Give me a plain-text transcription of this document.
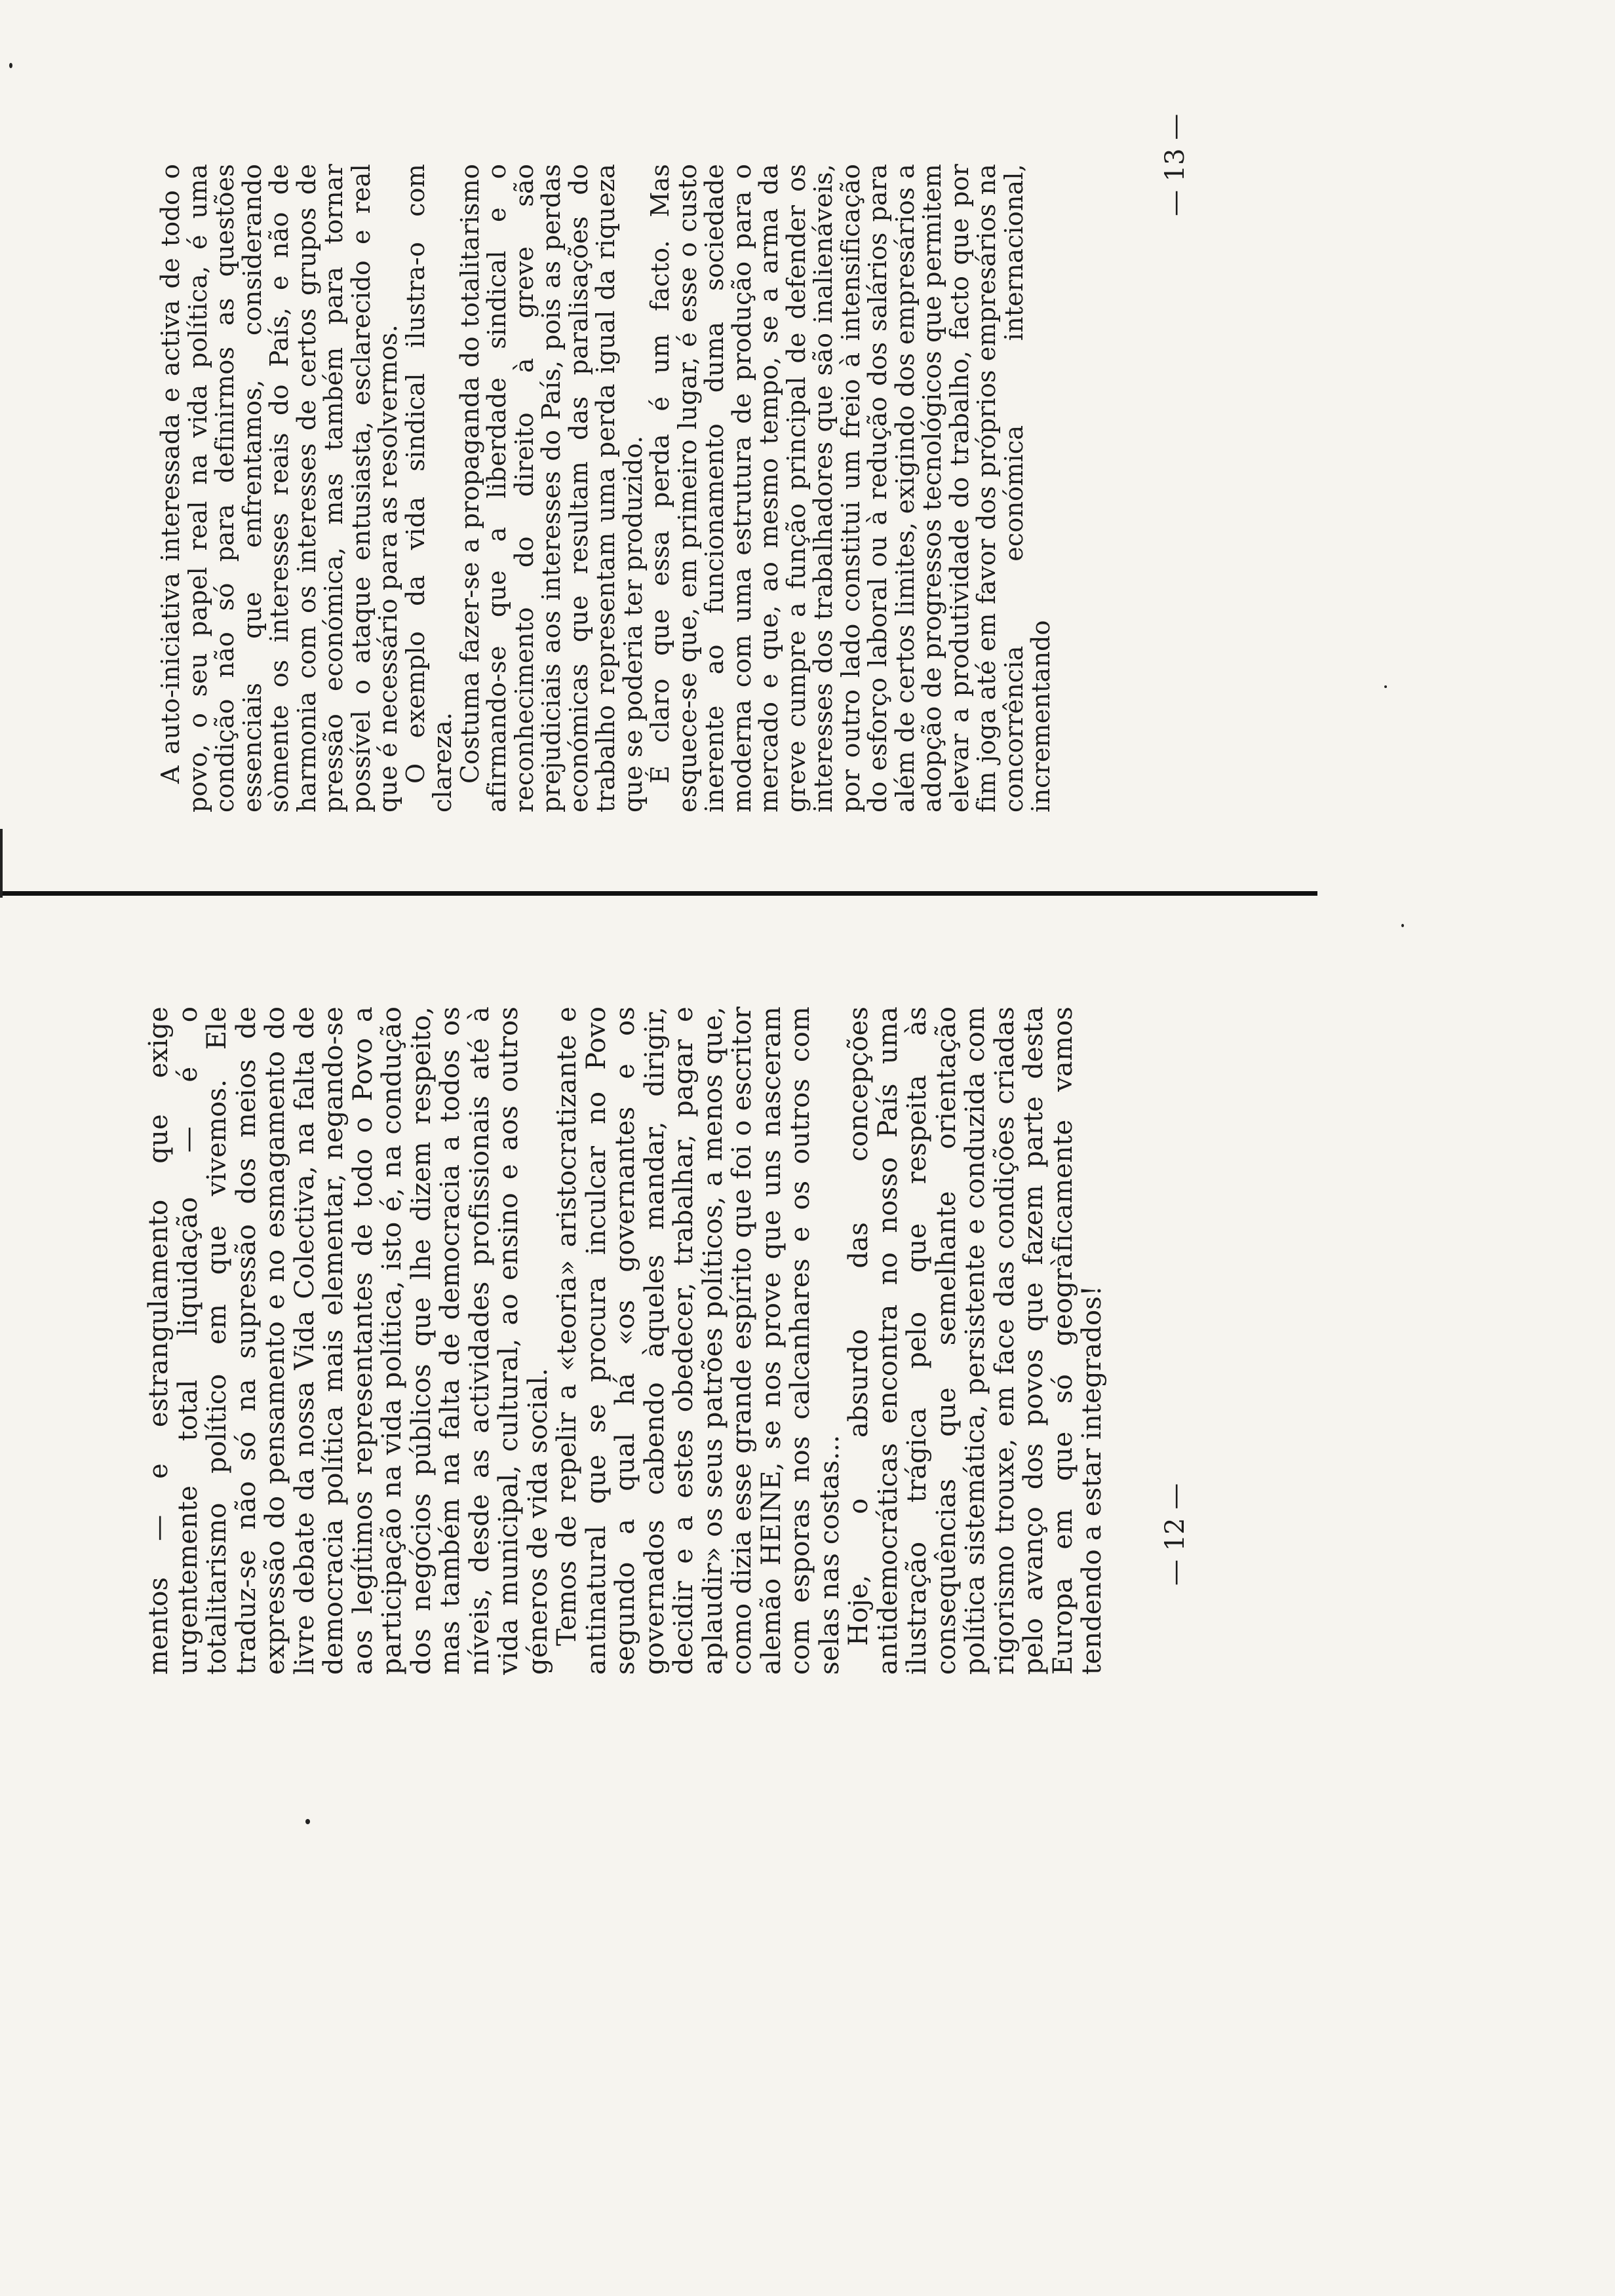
mentos — e estrangulamento que exige urgentemente total liquidação — é o totalitarismo político em que vivemos. Ele traduz-se não só na supressão dos meios de expressão do pensamento e no esmagamento do livre debate da nossa Vida Colectiva, na falta de democracia política mais elementar, negando-se aos legítimos representantes de todo o Povo a participação na vida política, isto é, na condução dos negócios públicos que lhe dizem respeito, mas também na falta de democracia a todos os níveis, desde as actividades profissionais até à vida municipal, cultural, ao ensino e aos outros géneros de vida social.

Temos de repelir a «teoria» aristocratizante e antinatural que se procura inculcar no Povo segundo a qual há «os governantes e os governados cabendo àqueles mandar, dirigir, decidir e a estes obedecer, trabalhar, pagar e aplaudir» os seus patrões políticos, a menos que, como dizia esse grande espírito que foi o escritor alemão HEINE, se nos prove que uns nasceram com esporas nos calcanhares e os outros com selas nas costas...

Hoje, o absurdo das concepções antidemocráticas encontra no nosso País uma ilustração trágica pelo que respeita às consequências que semelhante orientação política sistemática, persistente e conduzida com rigorismo trouxe, em face das condições criadas pelo avanço dos povos que fazem parte desta Europa em que só geogràficamente vamos tendendo a estar integrados!

A auto-iniciativa interessada e activa de todo o povo, o seu papel real na vida política, é uma condição não só para definirmos as questões essenciais que enfrentamos, considerando sòmente os interesses reais do País, e não de harmonia com os interesses de certos grupos de pressão económica, mas também para tornar possível o ataque entusiasta, esclarecido e real que é necessário para as resolvermos.

O exemplo da vida sindical ilustra-o com clareza.

Costuma fazer-se a propaganda do totalitarismo afirmando-se que a liberdade sindical e o reconhecimento do direito à greve são prejudiciais aos interesses do País, pois as perdas económicas que resultam das paralisações do trabalho representam uma perda igual da riqueza que se poderia ter produzido.

É claro que essa perda é um facto. Mas esquece-se que, em primeiro lugar, é esse o custo inerente ao funcionamento duma sociedade moderna com uma estrutura de produção para o mercado e que, ao mesmo tempo, se a arma da greve cumpre a função principal de defender os interesses dos trabalhadores que são inalienáveis, por outro lado constitui um freio à intensificação do esforço laboral ou à redução dos salários para além de certos limites, exigindo dos empresários a adopção de progressos tecnológicos que permitem elevar a produtividade do trabalho, facto que por fim joga até em favor dos próprios empresários na concorrência económica internacional, incrementando

— 12 —
— 13 —
